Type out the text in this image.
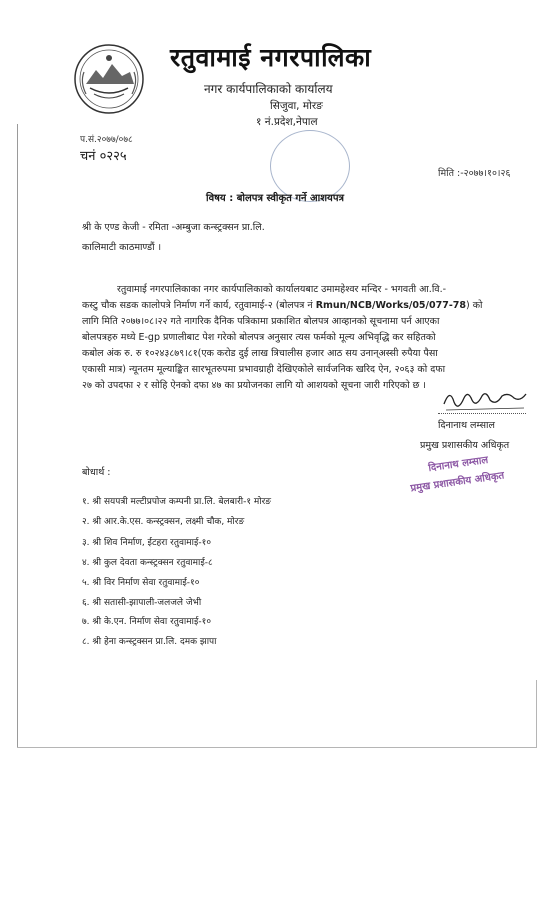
रतुवामाई नगरपालिका
नगर कार्यपालिकाको कार्यालय
सिजुवा, मोरङ
१ नं.प्रदेश,नेपाल
प.सं.२०७७/०७८
चनं ०२२५
मिति :-२०७७।१०।२६
विषय : बोलपत्र स्वीकृत गर्ने आशयपत्र
श्री के एण्ड केजी - रमिता -अम्बुजा कन्स्ट्रक्सन प्रा.लि.
कालिमाटी काठमाण्डौं ।
रतुवामाई नगरपालिकाका नगर कार्यपालिकाको कार्यालयबाट उमामहेश्वर मन्दिर - भगवती आ.वि.-
कस्टु चौक सडक कालोपत्रे निर्माण गर्ने कार्य, रतुवामाई-२ (बोलपत्र नं Rmun/NCB/Works/05/077-78) को
लागि मिति २०७७।०८।२२ गते नागरिक दैनिक पत्रिकामा प्रकाशित बोलपत्र आव्हानको सूचनामा पर्न आएका
बोलपत्रहरु मध्ये E-gp प्रणालीबाट पेश गरेको बोलपत्र अनुसार त्यस फर्मको मूल्य अभिवृद्धि कर सहितको
कबोल अंक रु. रु १०२४३८७९।८१(एक करोड दुई लाख त्रिचालीस हजार आठ सय उनान्अस्सी रुपैया पैसा
एकासी मात्र) न्यूनतम मूल्याङ्कित सारभूतरुपमा प्रभावग्राही देखिएकोले सार्वजनिक खरिद ऐन, २०६३ को दफा
२७ को उपदफा २ र सोहि ऐनको दफा ४७ का प्रयोजनका लागि यो आशयको सूचना जारी गरिएको छ ।
दिनानाथ लम्साल
प्रमुख प्रशासकीय अधिकृत
दिनानाथ लम्साल
प्रमुख प्रशासकीय अधिकृत
बोधार्थ :
१. श्री सयपत्री मल्टीप्रपोज कम्पनी प्रा.लि. बेलबारी-१ मोरङ
२. श्री आर.के.एस. कन्स्ट्रक्सन, लक्ष्मी चौक, मोरङ
३. श्री शिव निर्माण, ईटहरा रतुवामाई-१०
४. श्री कुल देवता कन्स्ट्रक्सन रतुवामाई-८
५. श्री विर निर्माण सेवा रतुवामाई-१०
६. श्री सतासी-झापाली-जलजले जेभी
७. श्री के.एन. निर्माण सेवा रतुवामाई-१०
८. श्री हेना कन्स्ट्रक्सन प्रा.लि. दमक झापा
